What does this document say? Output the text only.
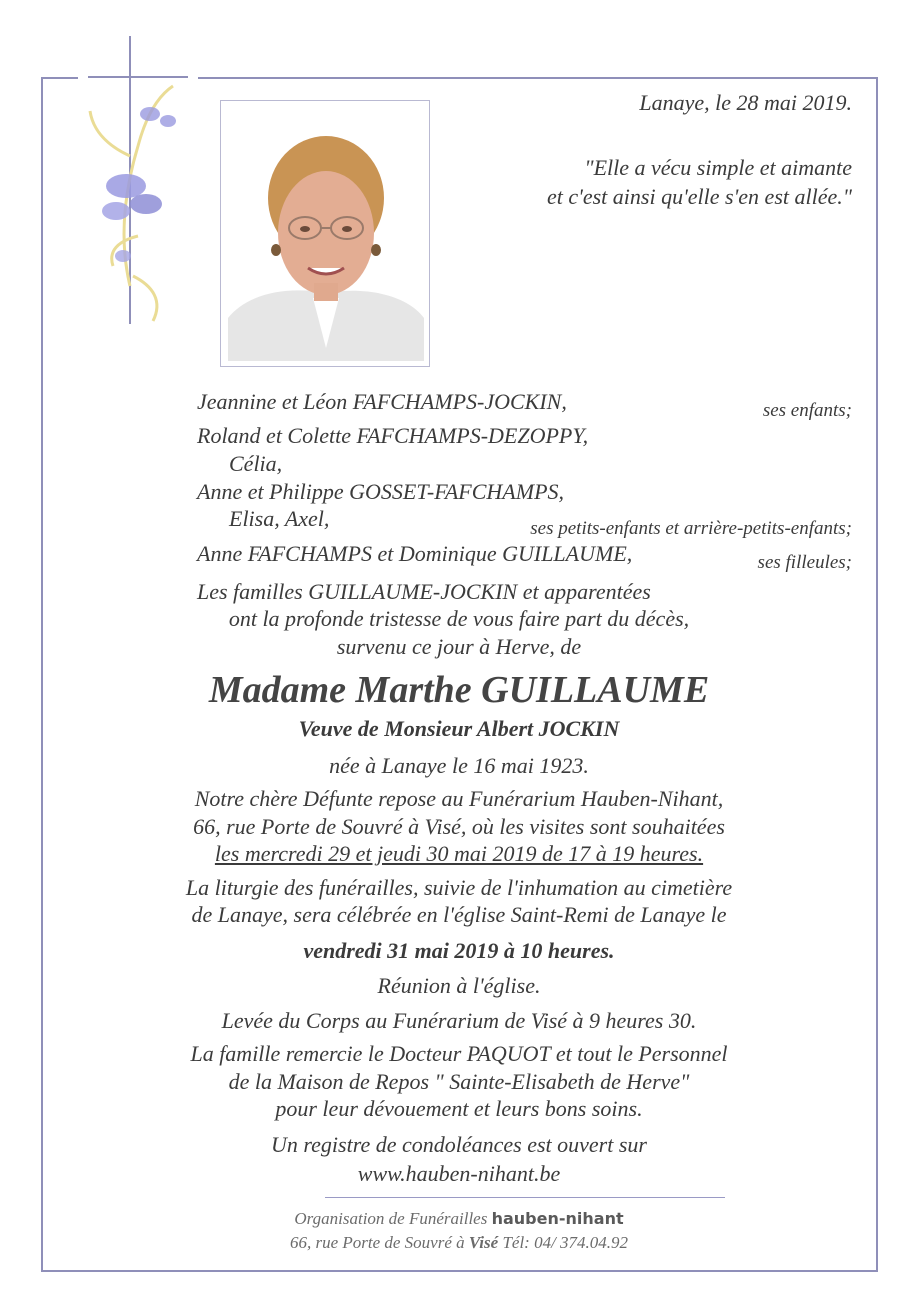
Lanaye, le 28 mai 2019.
"Elle a vécu simple et aimante
et c'est ainsi qu'elle s'en est allée."
Jeannine et Léon FAFCHAMPS-JOCKIN,	ses enfants;
Roland et Colette FAFCHAMPS-DEZOPPY,
Célia,
Anne et Philippe GOSSET-FAFCHAMPS,
Elisa, Axel,	ses petits-enfants et arrière-petits-enfants;
Anne FAFCHAMPS et Dominique GUILLAUME,	ses filleules;
Les familles GUILLAUME-JOCKIN et apparentées
ont la profonde tristesse de vous faire part du décès,
survenu ce jour à Herve, de
Madame Marthe GUILLAUME
Veuve de Monsieur Albert JOCKIN
née à Lanaye le 16 mai 1923.
Notre chère Défunte repose au Funérarium Hauben-Nihant,
66, rue Porte de Souvré à Visé, où les visites sont souhaitées
les mercredi 29 et jeudi 30 mai 2019 de 17 à 19 heures.
La liturgie des funérailles, suivie de l'inhumation au cimetière
de Lanaye, sera célébrée en l'église Saint-Remi de Lanaye le
vendredi 31 mai 2019 à 10 heures.
Réunion à l'église.
Levée du Corps au Funérarium de Visé à 9 heures 30.
La famille remercie le Docteur PAQUOT et tout le Personnel
de la Maison de Repos " Sainte-Elisabeth de Herve"
pour leur dévouement et leurs bons soins.
Un registre de condoléances est ouvert sur
www.hauben-nihant.be
Organisation de Funérailles hauben-nihant
66, rue Porte de Souvré à Visé Tél: 04/ 374.04.92
